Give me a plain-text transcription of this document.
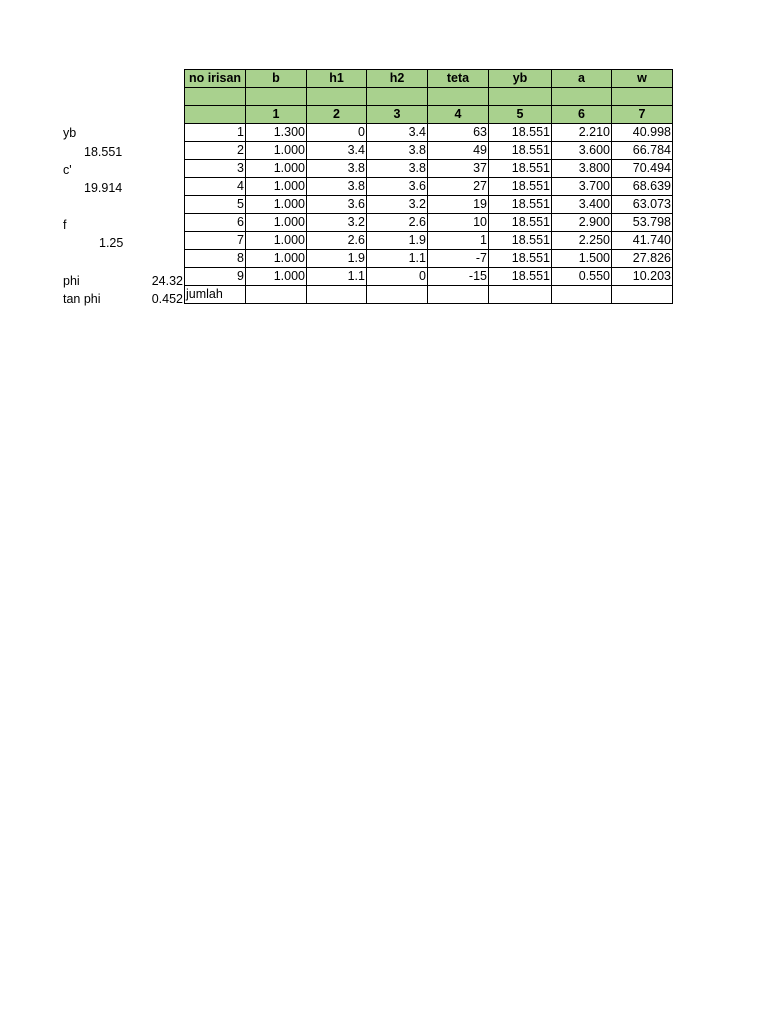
yb
18.551
c'
19.914
f
1.25
phi	24.32
tan phi	0.452
no irisan	b	h1	h2	teta	yb	a	w

	1	2	3	4	5	6	7
1	1.300	0	3.4	63	18.551	2.210	40.998
2	1.000	3.4	3.8	49	18.551	3.600	66.784
3	1.000	3.8	3.8	37	18.551	3.800	70.494
4	1.000	3.8	3.6	27	18.551	3.700	68.639
5	1.000	3.6	3.2	19	18.551	3.400	63.073
6	1.000	3.2	2.6	10	18.551	2.900	53.798
7	1.000	2.6	1.9	1	18.551	2.250	41.740
8	1.000	1.9	1.1	-7	18.551	1.500	27.826
9	1.000	1.1	0	-15	18.551	0.550	10.203
jumlah							
